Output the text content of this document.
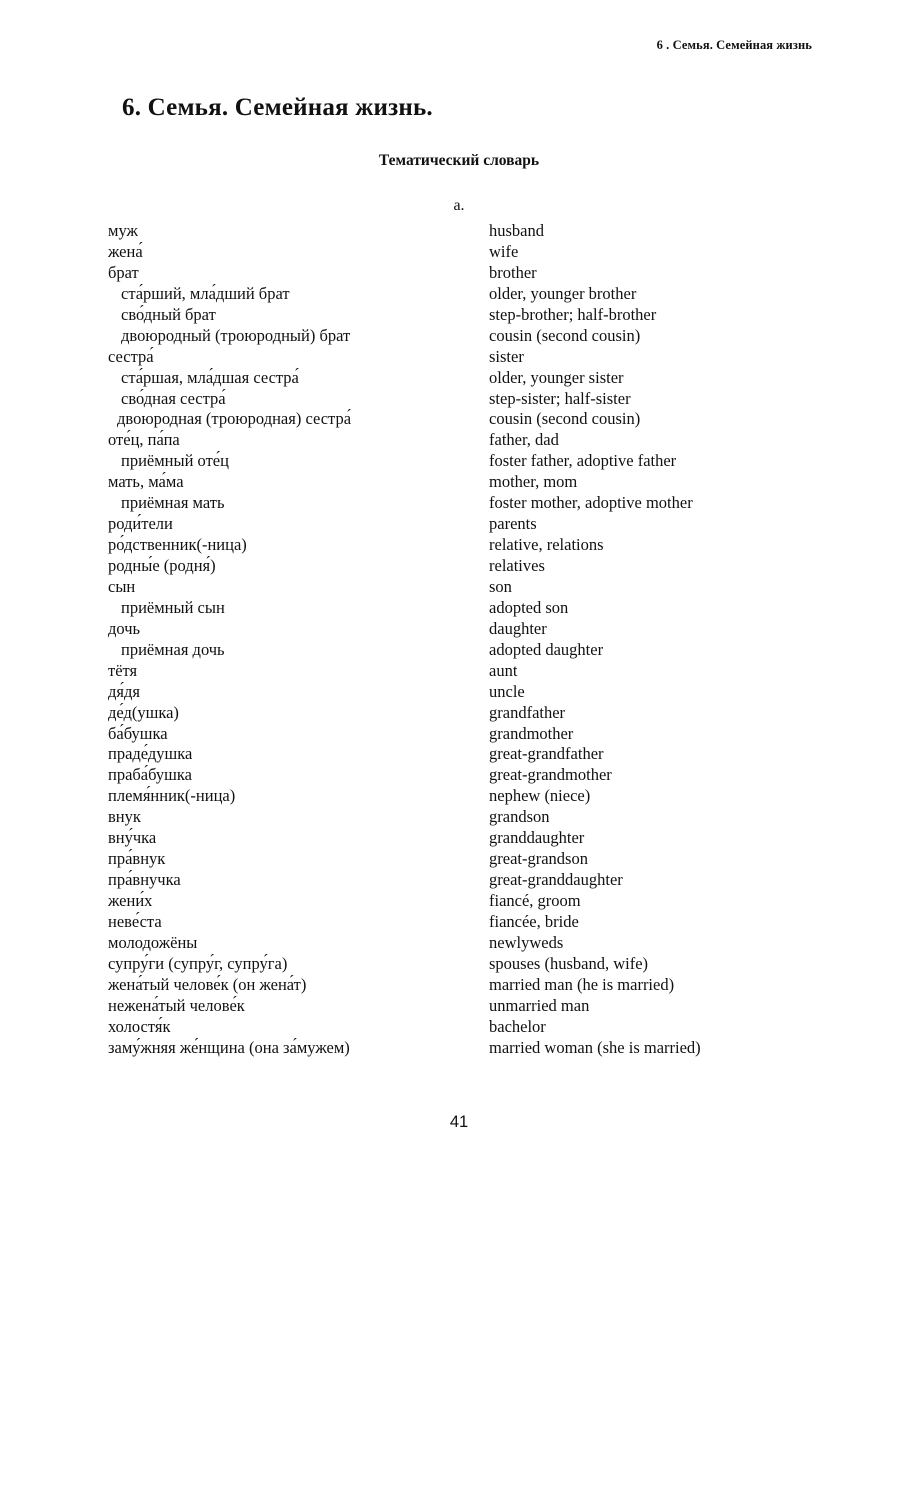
6 . Семья. Семейная жизнь
6. Семья. Семейная жизнь.
Тематический словарь
a.
муж	husband
жена́	wife
брат	brother
ста́рший, мла́дший брат	older, younger brother
сво́дный брат	step-brother; half-brother
двоюродный (троюродный) брат	cousin (second cousin)
сестра́	sister
ста́ршая, мла́дшая сестра́	older, younger sister
сво́дная сестра́	step-sister; half-sister
двоюродная (троюродная) сестра́	cousin (second cousin)
оте́ц, па́па	father, dad
приёмный оте́ц	foster father, adoptive father
мать, ма́ма	mother, mom
приёмная мать	foster mother, adoptive mother
роди́тели	parents
ро́дственник(-ница)	relative, relations
родны́е (родня́)	relatives
сын	son
приёмный сын	adopted son
дочь	daughter
приёмная дочь	adopted daughter
тётя	aunt
дя́дя	uncle
де́д(ушка)	grandfather
ба́бушка	grandmother
праде́душка	great-grandfather
праба́бушка	great-grandmother
племя́нник(-ница)	nephew (niece)
внук	grandson
вну́чка	granddaughter
пра́внук	great-grandson
пра́внучка	great-granddaughter
жени́х	fiancé, groom
неве́ста	fiancée, bride
молодожёны	newlyweds
супру́ги (супру́г, супру́га)	spouses (husband, wife)
жена́тый челове́к (он жена́т)	married man (he is married)
нежена́тый челове́к	unmarried man
холостя́к	bachelor
заму́жняя же́нщина (она за́мужем)	married woman (she is married)
41
